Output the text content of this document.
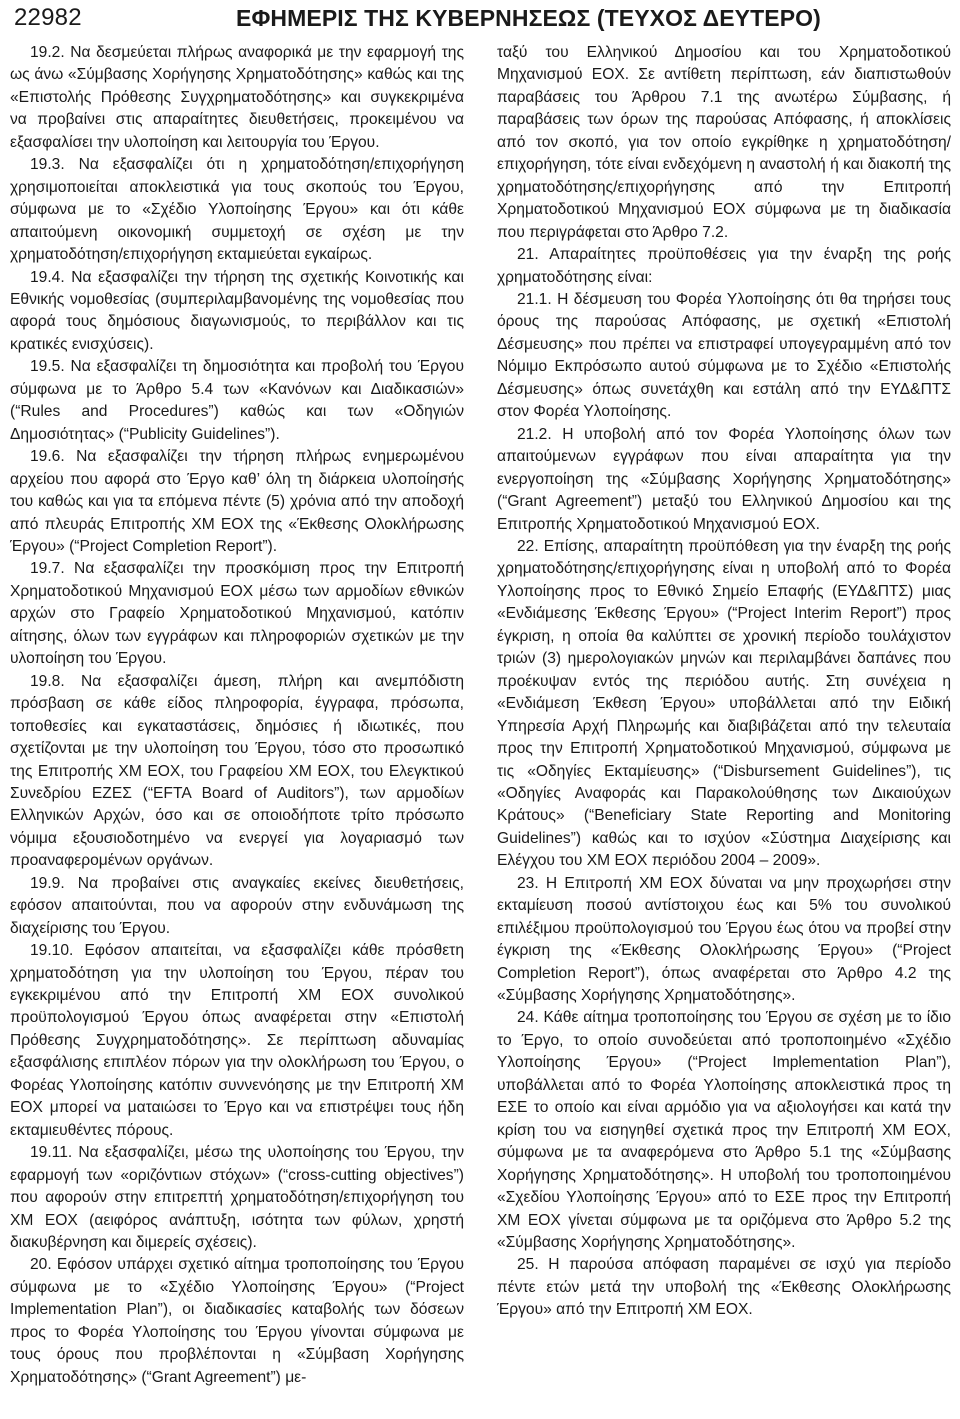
22982	ΕΦΗΜΕΡΙΣ ΤΗΣ ΚΥΒΕΡΝΗΣΕΩΣ (ΤΕΥΧΟΣ ΔΕΥΤΕΡΟ)

19.2. Να δεσμεύεται πλήρως αναφορικά με την εφαρμογή της ως άνω «Σύμβασης Χορήγησης Χρηματοδότησης» καθώς και της «Επιστολής Πρόθεσης Συγχρηματοδότησης» και συγκεκριμένα να προβαίνει στις απαραίτητες διευθετήσεις, προκειμένου να εξασφαλίσει την υλοποίηση και λειτουργία του Έργου.

19.3. Να εξασφαλίζει ότι η χρηματοδότηση/επιχορήγηση χρησιμοποιείται αποκλειστικά για τους σκοπούς του Έργου, σύμφωνα με το «Σχέδιο Υλοποίησης Έργου» και ότι κάθε απαιτούμενη οικονομική συμμετοχή σε σχέση με την χρηματοδότηση/επιχορήγηση εκταμιεύεται εγκαίρως.

19.4. Να εξασφαλίζει την τήρηση της σχετικής Κοινοτικής και Εθνικής νομοθεσίας (συμπεριλαμβανομένης της νομοθεσίας που αφορά τους δημόσιους διαγωνισμούς, το περιβάλλον και τις κρατικές ενισχύσεις).

19.5. Να εξασφαλίζει τη δημοσιότητα και προβολή του Έργου σύμφωνα με το Άρθρο 5.4 των «Κανόνων και Διαδικασιών» (“Rules and Procedures”) καθώς και των «Οδηγιών Δημοσιότητας» (“Publicity Guidelines”).

19.6. Να εξασφαλίζει την τήρηση πλήρως ενημερωμένου αρχείου που αφορά στο Έργο καθ’ όλη τη διάρκεια υλοποίησής του καθώς και για τα επόμενα πέντε (5) χρόνια από την αποδοχή από πλευράς Επιτροπής ΧΜ ΕΟΧ της «Έκθεσης Ολοκλήρωσης Έργου» (“Project Completion Report”).

19.7. Να εξασφαλίζει την προσκόμιση προς την Επιτροπή Χρηματοδοτικού Μηχανισμού ΕΟΧ μέσω των αρμοδίων εθνικών αρχών στο Γραφείο Χρηματοδοτικού Μηχανισμού, κατόπιν αίτησης, όλων των εγγράφων και πληροφοριών σχετικών με την υλοποίηση του Έργου.

19.8. Να εξασφαλίζει άμεση, πλήρη και ανεμπόδιστη πρόσβαση σε κάθε είδος πληροφορία, έγγραφα, πρόσωπα, τοποθεσίες και εγκαταστάσεις, δημόσιες ή ιδιωτικές, που σχετίζονται με την υλοποίηση του Έργου, τόσο στο προσωπικό της Επιτροπής ΧΜ ΕΟΧ, του Γραφείου ΧΜ ΕΟΧ, του Ελεγκτικού Συνεδρίου ΕΖΕΣ (“EFTA Board of Auditors”), των αρμοδίων Ελληνικών Αρχών, όσο και σε οποιοδήποτε τρίτο πρόσωπο νόμιμα εξουσιοδοτημένο να ενεργεί για λογαριασμό των προαναφερομένων οργάνων.

19.9. Να προβαίνει στις αναγκαίες εκείνες διευθετήσεις, εφόσον απαιτούνται, που να αφορούν στην ενδυνάμωση της διαχείρισης του Έργου.

19.10. Εφόσον απαιτείται, να εξασφαλίζει κάθε πρόσθετη χρηματοδότηση για την υλοποίηση του Έργου, πέραν του εγκεκριμένου από την Επιτροπή ΧΜ ΕΟΧ συνολικού προϋπολογισμού Έργου όπως αναφέρεται στην «Επιστολή Πρόθεσης Συγχρηματοδότησης». Σε περίπτωση αδυναμίας εξασφάλισης επιπλέον πόρων για την ολοκλήρωση του Έργου, ο Φορέας Υλοποίησης κατόπιν συννενόησης με την Επιτροπή ΧΜ ΕΟΧ μπορεί να ματαιώσει το Έργο και να επιστρέψει τους ήδη εκταμιευθέντες πόρους.

19.11. Να εξασφαλίζει, μέσω της υλοποίησης του Έργου, την εφαρμογή των «οριζόντιων στόχων» (“cross-cutting objectives”) που αφορούν στην επιτρεπτή χρηματοδότηση/επιχορήγηση του ΧΜ ΕΟΧ (αειφόρος ανάπτυξη, ισότητα των φύλων, χρηστή διακυβέρνηση και διμερείς σχέσεις).

20. Εφόσον υπάρχει σχετικό αίτημα τροποποίησης του Έργου σύμφωνα με το «Σχέδιο Υλοποίησης Έργου» (“Project Implementation Plan”), οι διαδικασίες καταβολής των δόσεων προς το Φορέα Υλοποίησης του Έργου γίνονται σύμφωνα με τους όρους που προβλέπονται η «Σύμβαση Χορήγησης Χρηματοδότησης» (“Grant Agreement”) με-

ταξύ του Ελληνικού Δημοσίου και του Χρηματοδοτικού Μηχανισμού ΕΟΧ. Σε αντίθετη περίπτωση, εάν διαπιστωθούν παραβάσεις του Άρθρου 7.1 της ανωτέρω Σύμβασης, ή παραβάσεις των όρων της παρούσας Απόφασης, ή αποκλίσεις από τον σκοπό, για τον οποίο εγκρίθηκε η χρηματοδότηση/επιχορήγηση, τότε είναι ενδεχόμενη η αναστολή ή και διακοπή της χρηματοδότησης/επιχορήγησης από την Επιτροπή Χρηματοδοτικού Μηχανισμού ΕΟΧ σύμφωνα με τη διαδικασία που περιγράφεται στο Άρθρο 7.2.

21. Απαραίτητες προϋποθέσεις για την έναρξη της ροής χρηματοδότησης είναι:

21.1. Η δέσμευση του Φορέα Υλοποίησης ότι θα τηρήσει τους όρους της παρούσας Απόφασης, με σχετική «Επιστολή Δέσμευσης» που πρέπει να επιστραφεί υπογεγραμμένη από τον Νόμιμο Εκπρόσωπο αυτού σύμφωνα με το Σχέδιο «Επιστολής Δέσμευσης» όπως συνετάχθη και εστάλη από την ΕΥΔ&ΠΤΣ στον Φορέα Υλοποίησης.

21.2. Η υποβολή από τον Φορέα Υλοποίησης όλων των απαιτούμενων εγγράφων που είναι απαραίτητα για την ενεργοποίηση της «Σύμβασης Χορήγησης Χρηματοδότησης» (“Grant Agreement”) μεταξύ του Ελληνικού Δημοσίου και της Επιτροπής Χρηματοδοτικού Μηχανισμού ΕΟΧ.

22. Επίσης, απαραίτητη προϋπόθεση για την έναρξη της ροής χρηματοδότησης/επιχορήγησης είναι η υποβολή από το Φορέα Υλοποίησης προς το Εθνικό Σημείο Επαφής (ΕΥΔ&ΠΤΣ) μιας «Ενδιάμεσης Έκθεσης Έργου» (“Project Interim Report”) προς έγκριση, η οποία θα καλύπτει σε χρονική περίοδο τουλάχιστον τριών (3) ημερολογιακών μηνών και περιλαμβάνει δαπάνες που προέκυψαν εντός της περιόδου αυτής. Στη συνέχεια η «Ενδιάμεση Έκθεση Έργου» υποβάλλεται από την Ειδική Υπηρεσία Αρχή Πληρωμής και διαβιβάζεται από την τελευταία προς την Επιτροπή Χρηματοδοτικού Μηχανισμού, σύμφωνα με τις «Οδηγίες Εκταμίευσης» (“Disbursement Guidelines”), τις «Οδηγίες Αναφοράς και Παρακολούθησης των Δικαιούχων Κράτους» (“Beneficiary State Reporting and Monitoring Guidelines”) καθώς και το ισχύον «Σύστημα Διαχείρισης και Ελέγχου του ΧΜ ΕΟΧ περιόδου 2004 – 2009».

23. Η Επιτροπή ΧΜ ΕΟΧ δύναται να μην προχωρήσει στην εκταμίευση ποσού αντίστοιχου έως και 5% του συνολικού επιλέξιμου προϋπολογισμού του Έργου έως ότου να προβεί στην έγκριση της «Έκθεσης Ολοκλήρωσης Έργου» (“Project Completion Report”), όπως αναφέρεται στο Άρθρο 4.2 της «Σύμβασης Χορήγησης Χρηματοδότησης».

24. Κάθε αίτημα τροποποίησης του Έργου σε σχέση με το ίδιο το Έργο, το οποίο συνοδεύεται από τροποποιημένο «Σχέδιο Υλοποίησης Έργου» (“Project Implementation Plan”), υποβάλλεται από το Φορέα Υλοποίησης αποκλειστικά προς τη ΕΣΕ το οποίο και είναι αρμόδιο για να αξιολογήσει και κατά την κρίση του να εισηγηθεί σχετικά προς την Επιτροπή ΧΜ ΕΟΧ, σύμφωνα με τα αναφερόμενα στο Άρθρο 5.1 της «Σύμβασης Χορήγησης Χρηματοδότησης». Η υποβολή του τροποποιημένου «Σχεδίου Υλοποίησης Έργου» από το ΕΣΕ προς την Επιτροπή ΧΜ ΕΟΧ γίνεται σύμφωνα με τα οριζόμενα στο Άρθρο 5.2 της «Σύμβασης Χορήγησης Χρηματοδότησης».

25. Η παρούσα απόφαση παραμένει σε ισχύ για περίοδο πέντε ετών μετά την υποβολή της «Έκθεσης Ολοκλήρωσης Έργου» από την Επιτροπή ΧΜ ΕΟΧ.
